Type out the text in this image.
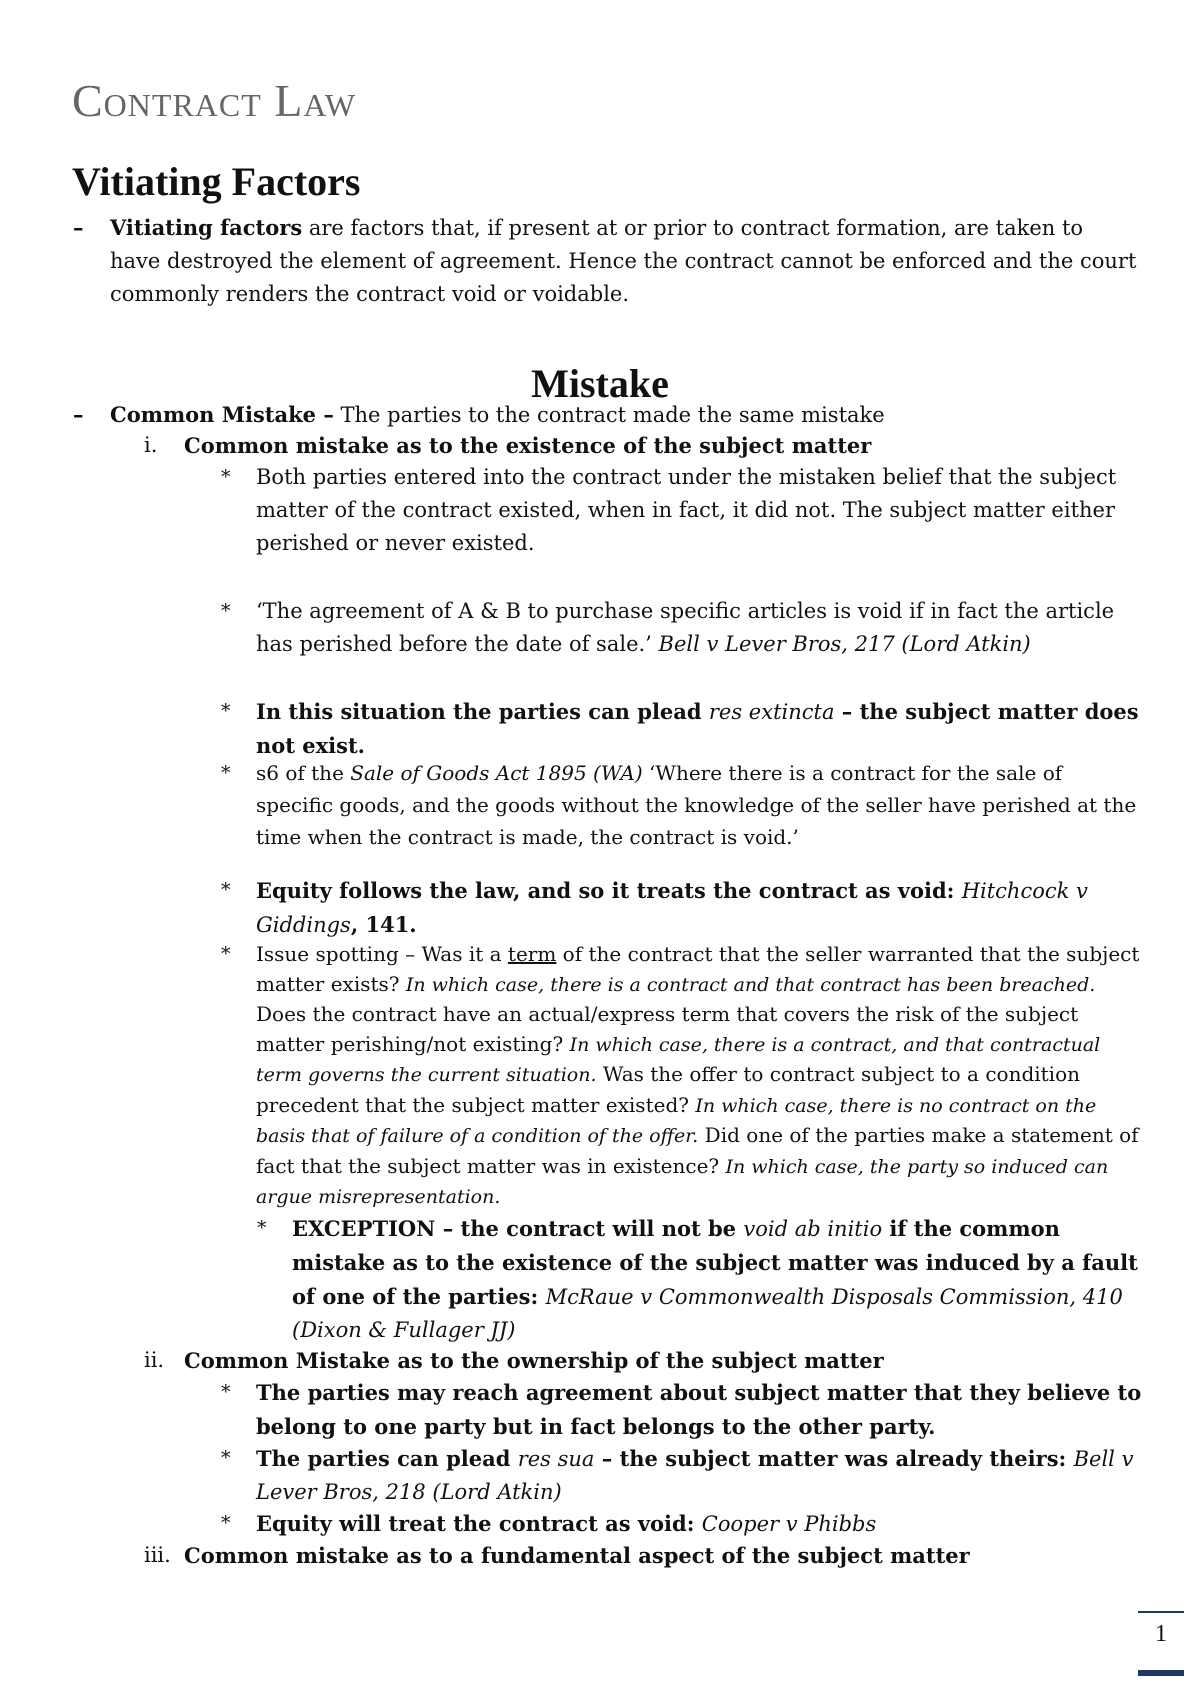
Contract Law
Vitiating Factors

– Vitiating factors are factors that, if present at or prior to contract formation, are taken to have destroyed the element of agreement. Hence the contract cannot be enforced and the court commonly renders the contract void or voidable.

Mistake

– Common Mistake – The parties to the contract made the same mistake

i. Common mistake as to the existence of the subject matter

* Both parties entered into the contract under the mistaken belief that the subject matter of the contract existed, when in fact, it did not. The subject matter either perished or never existed.

* ‘The agreement of A & B to purchase specific articles is void if in fact the article has perished before the date of sale.’ Bell v Lever Bros, 217 (Lord Atkin)

* In this situation the parties can plead res extincta – the subject matter does not exist.

* s6 of the Sale of Goods Act 1895 (WA) ‘Where there is a contract for the sale of specific goods, and the goods without the knowledge of the seller have perished at the time when the contract is made, the contract is void.’

* Equity follows the law, and so it treats the contract as void: Hitchcock v Giddings, 141.

* Issue spotting – Was it a term of the contract that the seller warranted that the subject matter exists? In which case, there is a contract and that contract has been breached. Does the contract have an actual/express term that covers the risk of the subject matter perishing/not existing? In which case, there is a contract, and that contractual term governs the current situation. Was the offer to contract subject to a condition precedent that the subject matter existed? In which case, there is no contract on the basis that of failure of a condition of the offer. Did one of the parties make a statement of fact that the subject matter was in existence? In which case, the party so induced can argue misrepresentation.

* EXCEPTION – the contract will not be void ab initio if the common mistake as to the existence of the subject matter was induced by a fault of one of the parties: McRaue v Commonwealth Disposals Commission, 410 (Dixon & Fullager JJ)

ii. Common Mistake as to the ownership of the subject matter

* The parties may reach agreement about subject matter that they believe to belong to one party but in fact belongs to the other party.

* The parties can plead res sua – the subject matter was already theirs: Bell v Lever Bros, 218 (Lord Atkin)

* Equity will treat the contract as void: Cooper v Phibbs

iii. Common mistake as to a fundamental aspect of the subject matter

1
